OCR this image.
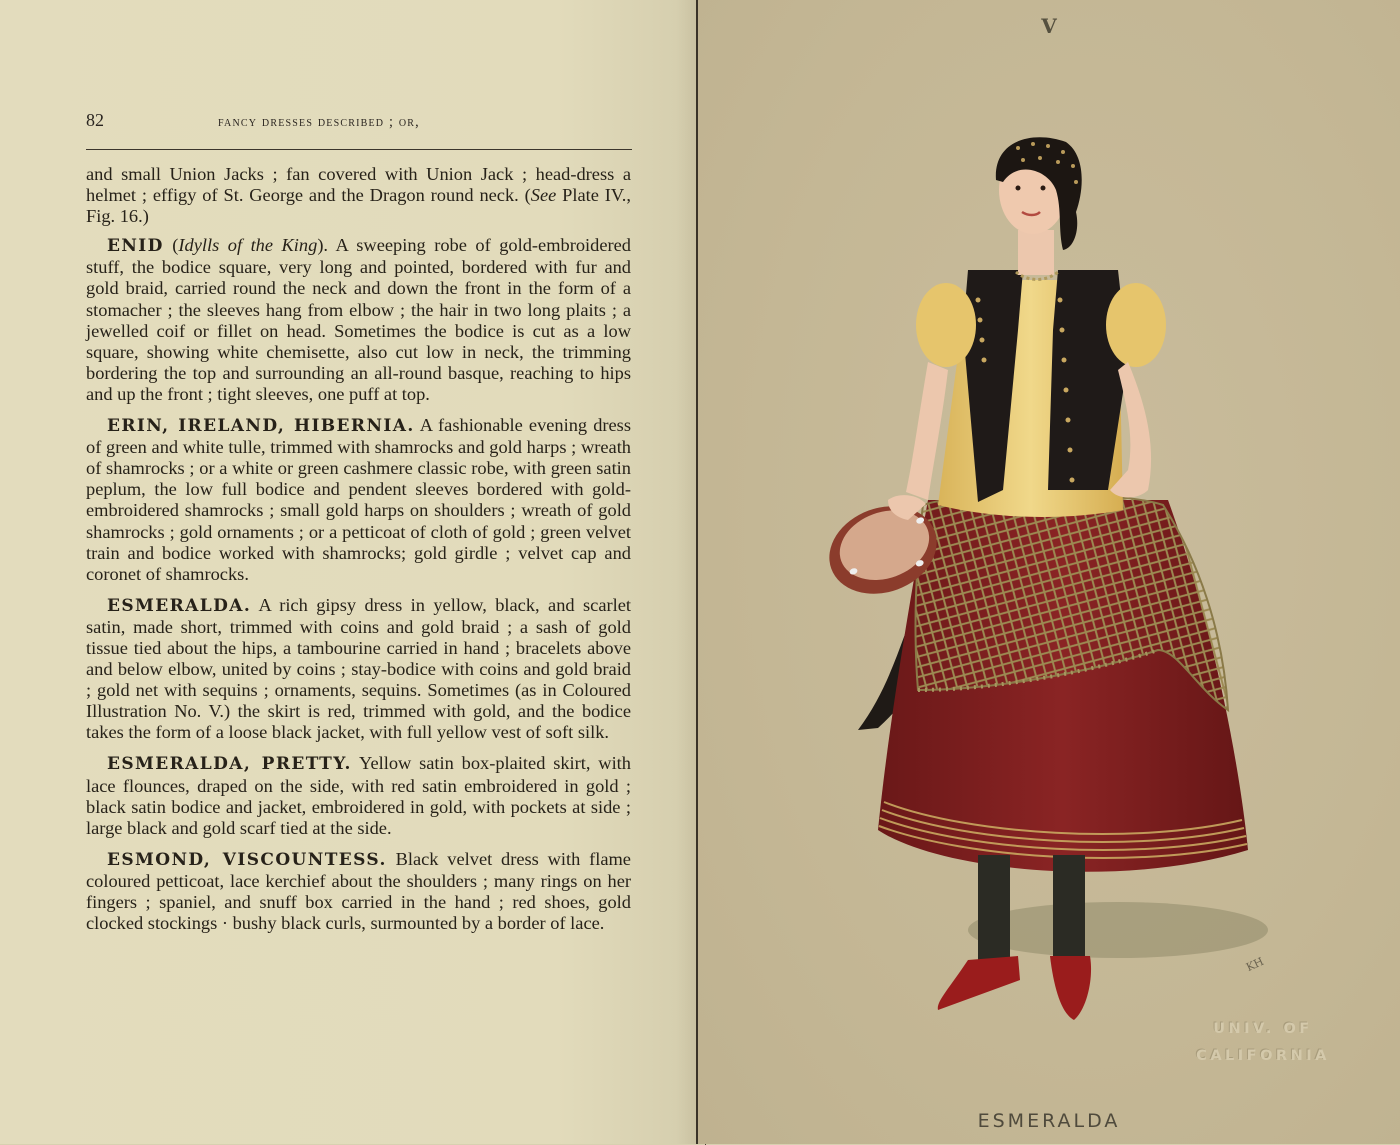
82	fancy dresses described ; or,

and small Union Jacks ; fan covered with Union Jack ; head-dress a helmet ; effigy of St. George and the Dragon round neck. (See Plate IV., Fig. 16.)

ENID (Idylls of the King). A sweeping robe of gold-embroidered stuff, the bodice square, very long and pointed, bordered with fur and gold braid, carried round the neck and down the front in the form of a stomacher ; the sleeves hang from elbow ; the hair in two long plaits ; a jewelled coif or fillet on head. Sometimes the bodice is cut as a low square, showing white chemisette, also cut low in neck, the trimming bordering the top and surrounding an all-round basque, reaching to hips and up the front ; tight sleeves, one puff at top.

ERIN, IRELAND, HIBERNIA. A fashionable evening dress of green and white tulle, trimmed with shamrocks and gold harps ; wreath of shamrocks ; or a white or green cashmere classic robe, with green satin peplum, the low full bodice and pendent sleeves bordered with gold-embroidered shamrocks ; small gold harps on shoulders ; wreath of gold shamrocks ; gold ornaments ; or a petticoat of cloth of gold ; green velvet train and bodice worked with shamrocks; gold girdle ; velvet cap and coronet of shamrocks.

ESMERALDA. A rich gipsy dress in yellow, black, and scarlet satin, made short, trimmed with coins and gold braid ; a sash of gold tissue tied about the hips, a tambourine carried in hand ; bracelets above and below elbow, united by coins ; stay-bodice with coins and gold braid ; gold net with sequins ; ornaments, sequins. Sometimes (as in Coloured Illustration No. V.) the skirt is red, trimmed with gold, and the bodice takes the form of a loose black jacket, with full yellow vest of soft silk.

ESMERALDA, PRETTY. Yellow satin box-plaited skirt, with lace flounces, draped on the side, with red satin embroidered in gold ; black satin bodice and jacket, embroidered in gold, with pockets at side ; large black and gold scarf tied at the side.

ESMOND, VISCOUNTESS. Black velvet dress with flame coloured petticoat, lace kerchief about the shoulders ; many rings on her fingers ; spaniel, and snuff box carried in the hand ; red shoes, gold clocked stockings · bushy black curls, surmounted by a border of lace.

V
KH
UNIV. OF
CALIFORNIA
ESMERALDA
